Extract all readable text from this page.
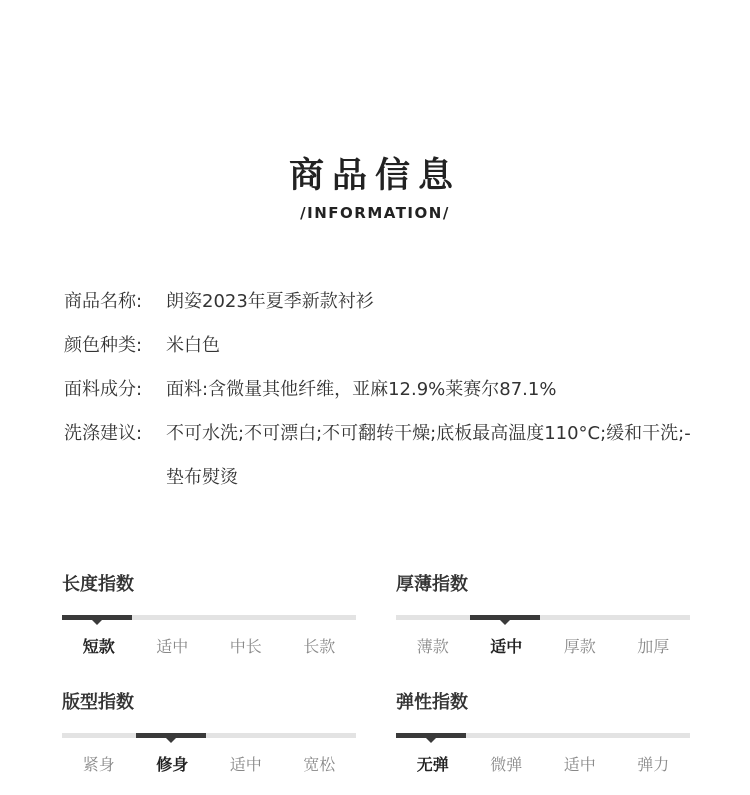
商品信息
/INFORMATION/
商品名称:	朗姿2023年夏季新款衬衫
颜色种类:	米白色
面料成分:	面料:含微量其他纤维，亚麻12.9%莱赛尔87.1%
洗涤建议:	不可水洗;不可漂白;不可翻转干燥;底板最高温度110°C;缓和干洗;- 垫布熨烫
长度指数
短款	适中	中长	长款
厚薄指数
薄款	适中	厚款	加厚
版型指数
紧身	修身	适中	宽松
弹性指数
无弹	微弹	适中	弹力
